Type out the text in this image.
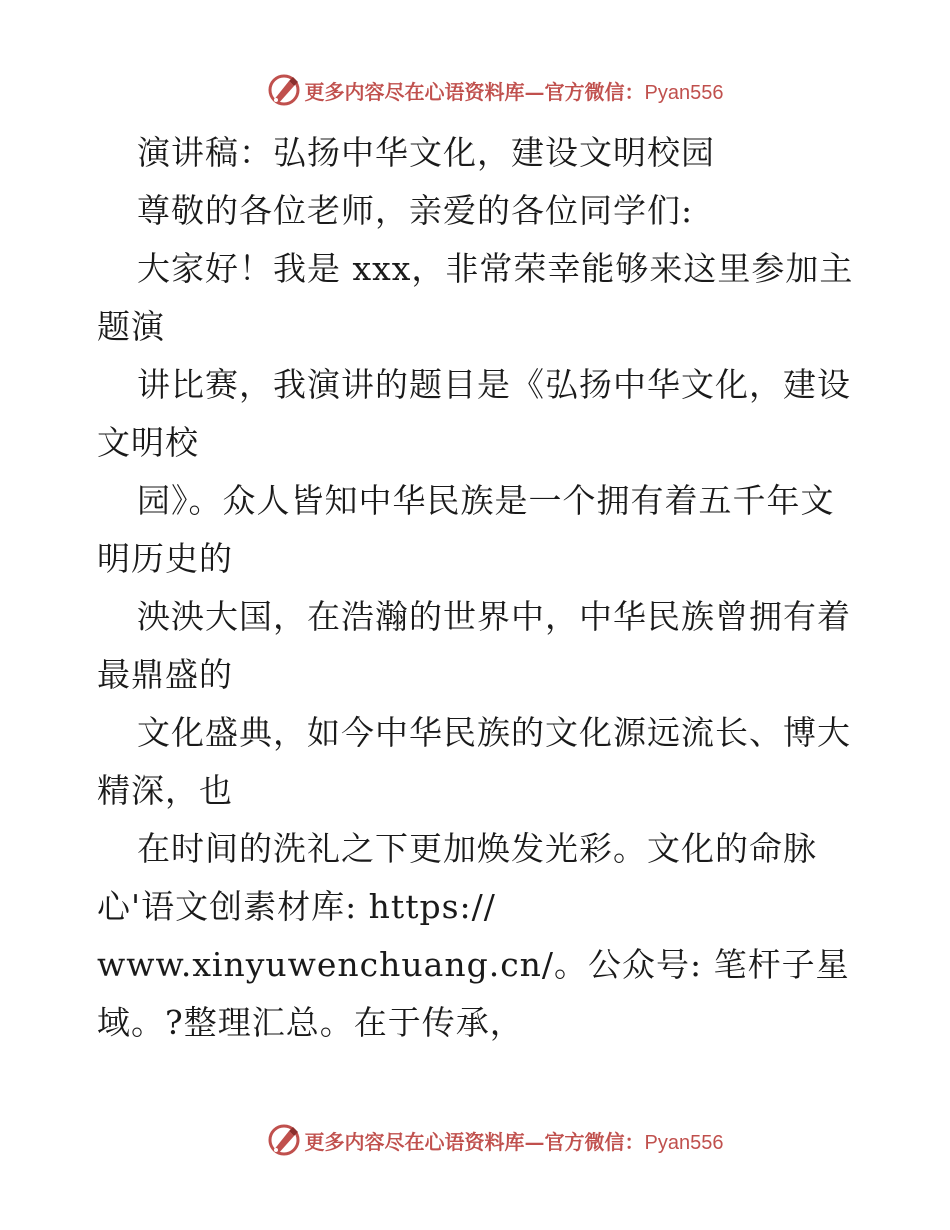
更多内容尽在心语资料库—官方微信：Pyan556

演讲稿：弘扬中华文化，建设文明校园

尊敬的各位老师，亲爱的各位同学们:

大家好！我是 xxx，非常荣幸能够来这里参加主

题演

讲比赛，我演讲的题目是《弘扬中华文化，建设

文明校

园》。众人皆知中华民族是一个拥有着五千年文

明历史的

泱泱大国，在浩瀚的世界中，中华民族曾拥有着

最鼎盛的

文化盛典，如今中华民族的文化源远流长、博大

精深，也

在时间的洗礼之下更加焕发光彩。文化的命脉

心'语文创素材库: https://

www.xinyuwenchuang.cn/。公众号: 笔杆子星

域。?整理汇总。在于传承，

更多内容尽在心语资料库—官方微信：Pyan556
